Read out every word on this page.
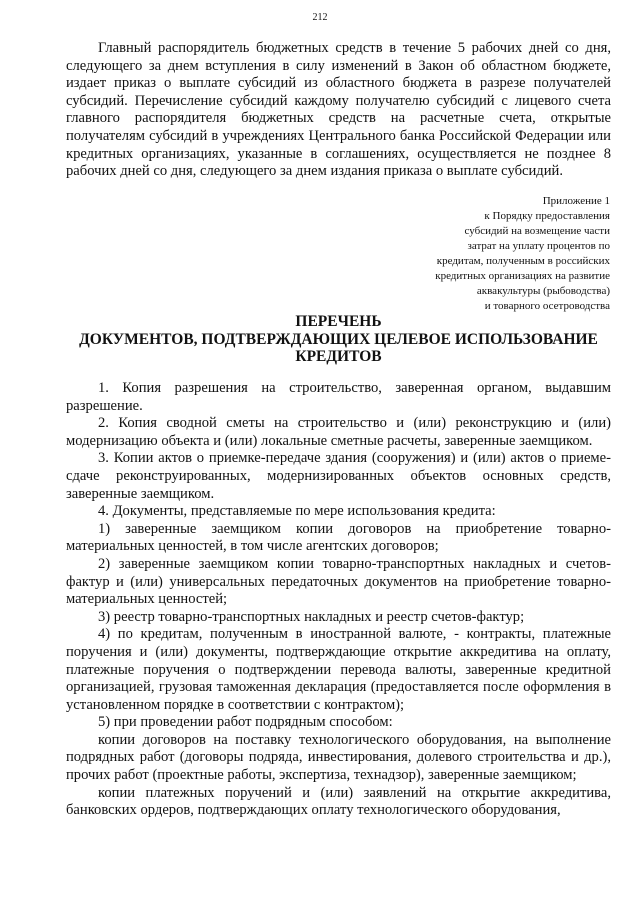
212

Главный распорядитель бюджетных средств в течение 5 рабочих дней со дня, следующего за днем вступления в силу изменений в Закон об областном бюджете, издает приказ о выплате субсидий из областного бюджета в разрезе получателей субсидий. Перечисление субсидий каждому получателю субсидий с лицевого счета главного распорядителя бюджетных средств на расчетные счета, открытые получателям субсидий в учреждениях Центрального банка Российской Федерации или кредитных организациях, указанные в соглашениях, осуществляется не позднее 8 рабочих дней со дня, следующего за днем издания приказа о выплате субсидий.

Приложение 1
к Порядку предоставления
субсидий на возмещение части
затрат на уплату процентов по
кредитам, полученным в российских
кредитных организациях на развитие
аквакультуры (рыбоводства)
и товарного осетроводства
ПЕРЕЧЕНЬ
ДОКУМЕНТОВ, ПОДТВЕРЖДАЮЩИХ ЦЕЛЕВОЕ ИСПОЛЬЗОВАНИЕ
КРЕДИТОВ

1. Копия разрешения на строительство, заверенная органом, выдавшим разрешение.

2. Копия сводной сметы на строительство и (или) реконструкцию и (или) модернизацию объекта и (или) локальные сметные расчеты, заверенные заемщиком.

3. Копии актов о приемке-передаче здания (сооружения) и (или) актов о приеме-сдаче реконструированных, модернизированных объектов основных средств, заверенные заемщиком.

4. Документы, представляемые по мере использования кредита:

1) заверенные заемщиком копии договоров на приобретение товарно-материальных ценностей, в том числе агентских договоров;

2) заверенные заемщиком копии товарно-транспортных накладных и счетов-фактур и (или) универсальных передаточных документов на приобретение товарно-материальных ценностей;

3) реестр товарно-транспортных накладных и реестр счетов-фактур;

4) по кредитам, полученным в иностранной валюте, - контракты, платежные поручения и (или) документы, подтверждающие открытие аккредитива на оплату, платежные поручения о подтверждении перевода валюты, заверенные кредитной организацией, грузовая таможенная декларация (предоставляется после оформления в установленном порядке в соответствии с контрактом);

5) при проведении работ подрядным способом:

копии договоров на поставку технологического оборудования, на выполнение подрядных работ (договоры подряда, инвестирования, долевого строительства и др.), прочих работ (проектные работы, экспертиза, технадзор), заверенные заемщиком;

копии платежных поручений и (или) заявлений на открытие аккредитива, банковских ордеров, подтверждающих оплату технологического оборудования,
